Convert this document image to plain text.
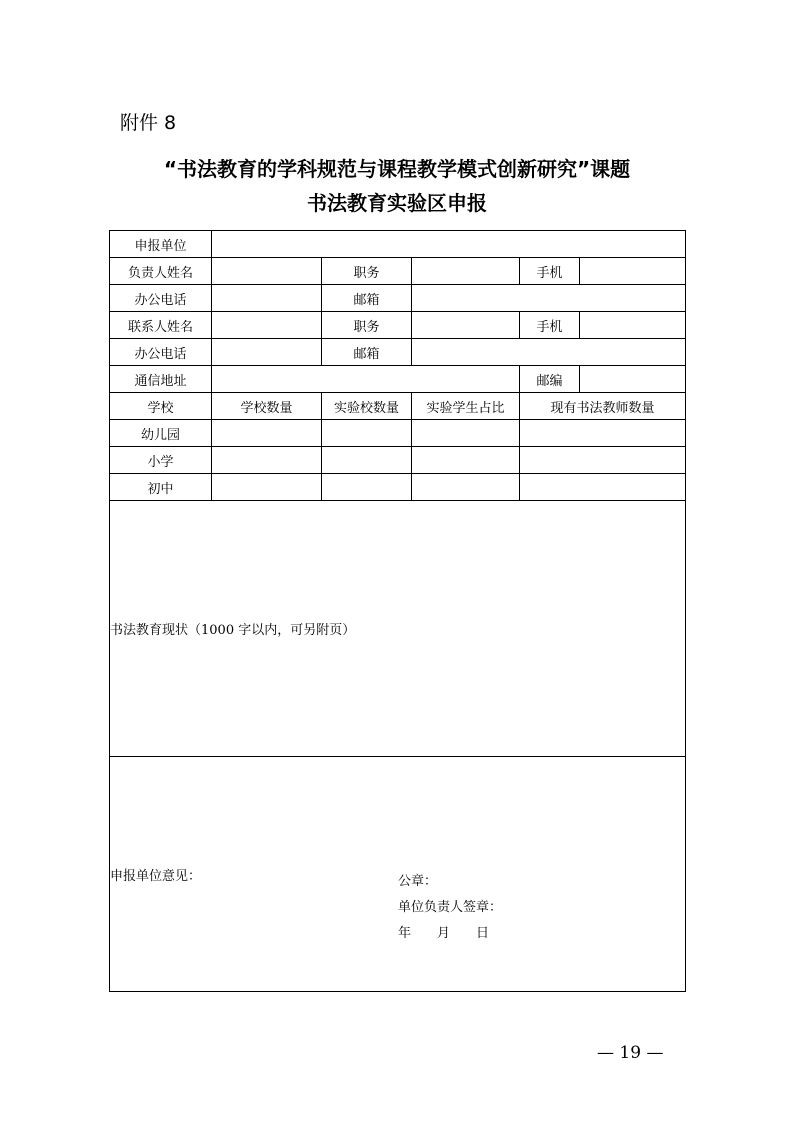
附件 8
“书法教育的学科规范与课程教学模式创新研究”课题
书法教育实验区申报
申报单位					
负责人姓名		职务		手机	
办公电话		邮箱			
联系人姓名		职务		手机	
办公电话		邮箱			
通信地址				邮编	
学校	学校数量	实验校数量	实验学生占比	现有书法教师数量	
幼儿园					
小学					
初中					
书法教育现状（1000 字以内，可另附页）					
申报单位意见： 公章：
单位负责人签章：
年　　月　　日					
— 19 —
